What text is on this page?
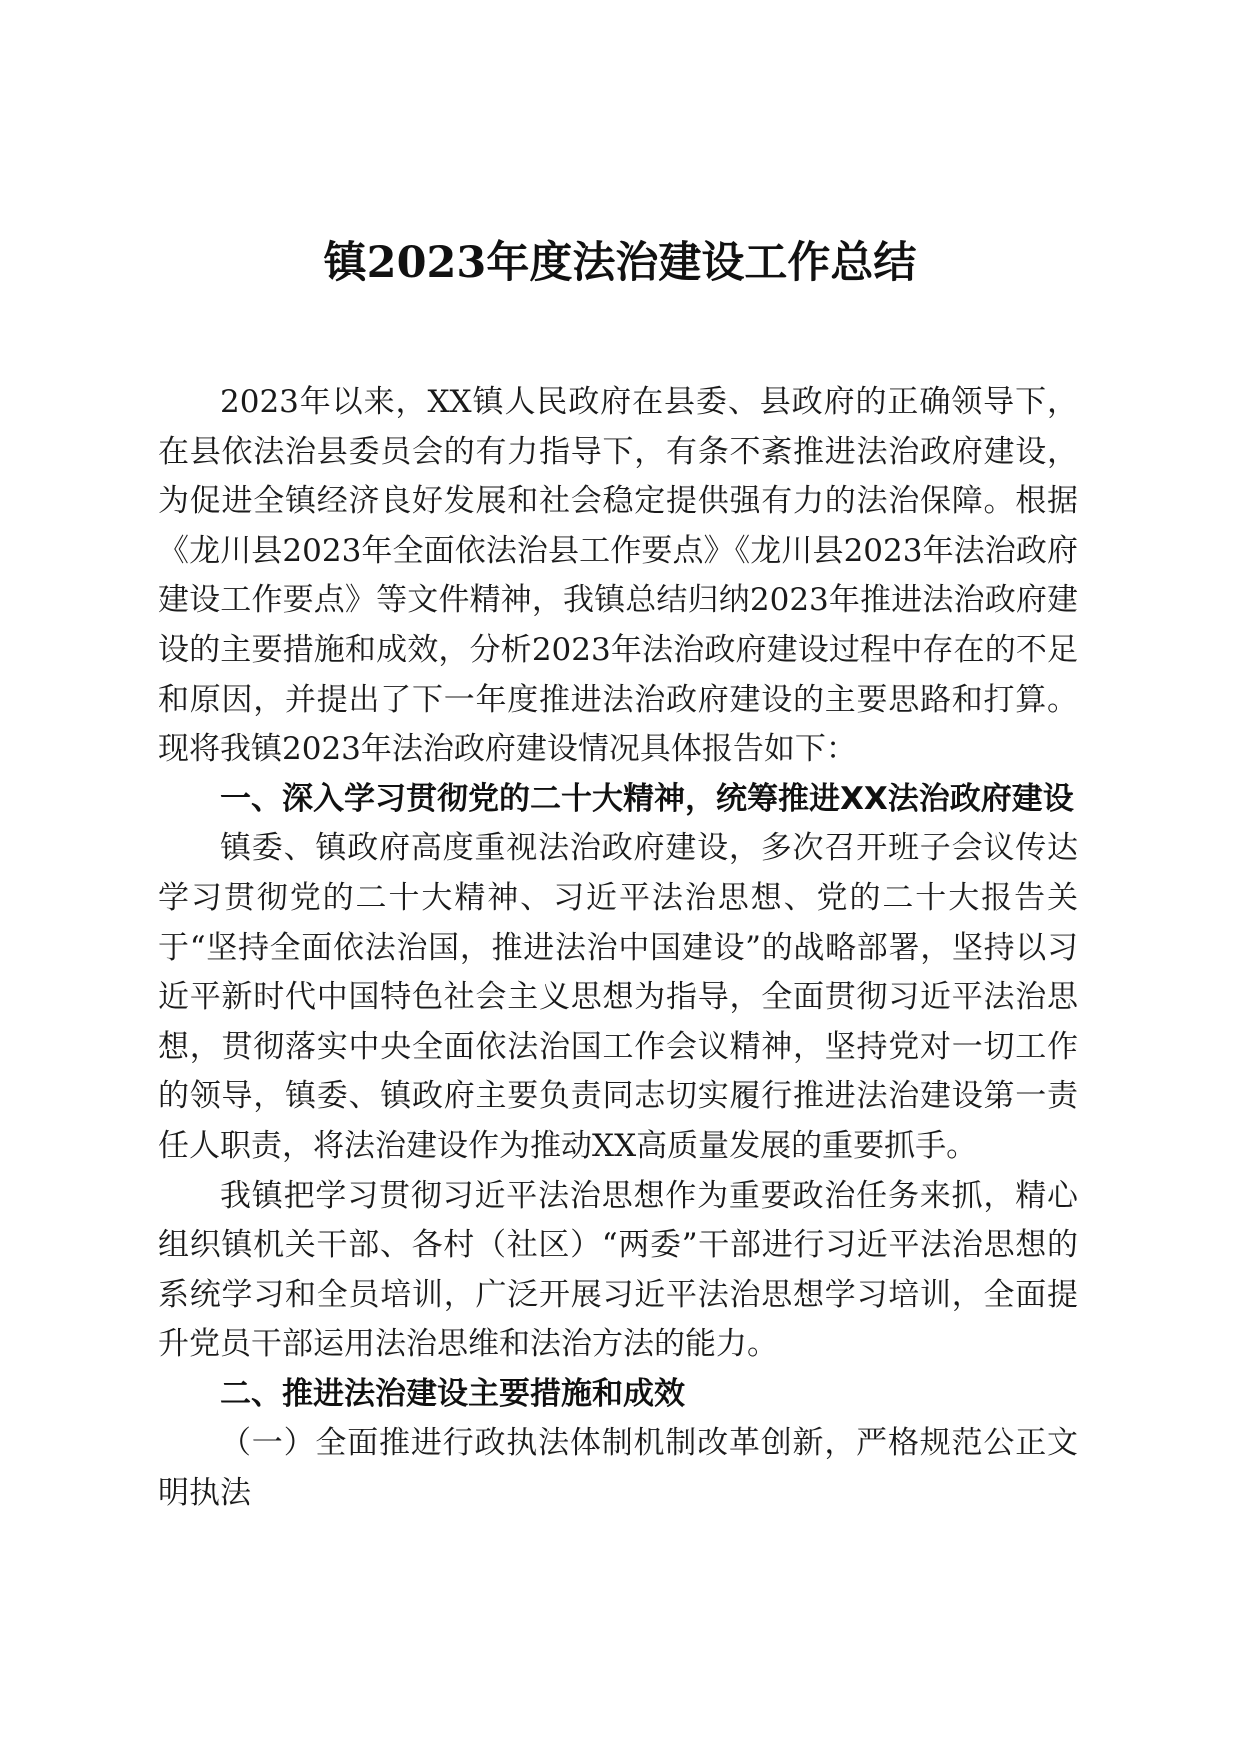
镇2023年度法治建设工作总结

2023年以来，XX镇人民政府在县委、县政府的正确领导下，在县依法治县委员会的有力指导下，有条不紊推进法治政府建设，为促进全镇经济良好发展和社会稳定提供强有力的法治保障。根据《龙川县2023年全面依法治县工作要点》《龙川县2023年法治政府建设工作要点》等文件精神，我镇总结归纳2023年推进法治政府建设的主要措施和成效，分析2023年法治政府建设过程中存在的不足和原因，并提出了下一年度推进法治政府建设的主要思路和打算。现将我镇2023年法治政府建设情况具体报告如下：

一、深入学习贯彻党的二十大精神，统筹推进XX法治政府建设

镇委、镇政府高度重视法治政府建设，多次召开班子会议传达学习贯彻党的二十大精神、习近平法治思想、党的二十大报告关于“坚持全面依法治国，推进法治中国建设”的战略部署，坚持以习近平新时代中国特色社会主义思想为指导，全面贯彻习近平法治思想，贯彻落实中央全面依法治国工作会议精神，坚持党对一切工作的领导，镇委、镇政府主要负责同志切实履行推进法治建设第一责任人职责，将法治建设作为推动XX高质量发展的重要抓手。

我镇把学习贯彻习近平法治思想作为重要政治任务来抓，精心组织镇机关干部、各村（社区）“两委”干部进行习近平法治思想的系统学习和全员培训，广泛开展习近平法治思想学习培训，全面提升党员干部运用法治思维和法治方法的能力。

二、推进法治建设主要措施和成效
（一）全面推进行政执法体制机制改革创新，严格规范公正文明执法
